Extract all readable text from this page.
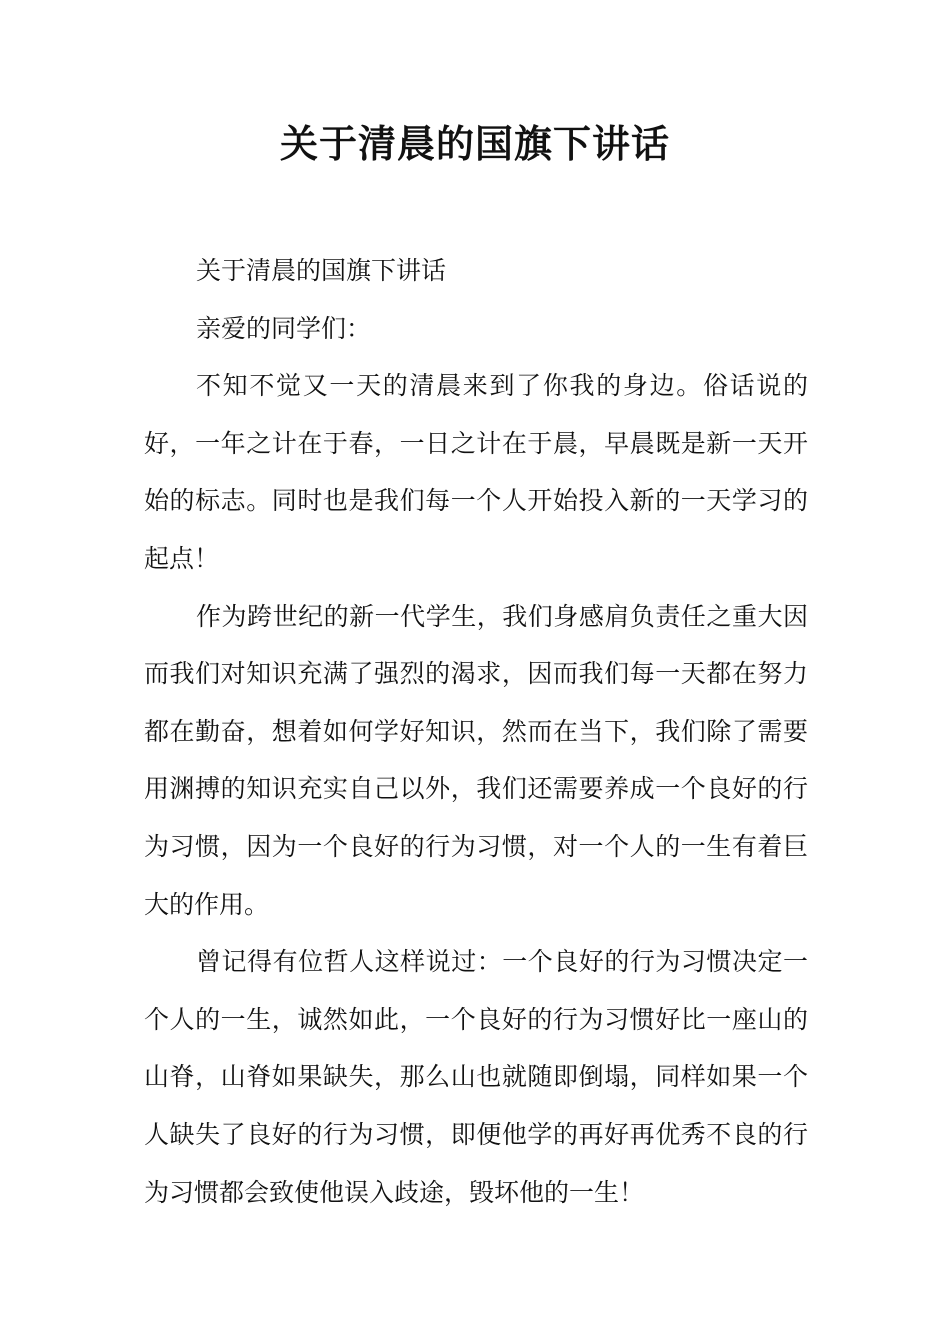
关于清晨的国旗下讲话

关于清晨的国旗下讲话

亲爱的同学们：

不知不觉又一天的清晨来到了你我的身边。俗话说的好，一年之计在于春，一日之计在于晨，早晨既是新一天开始的标志。同时也是我们每一个人开始投入新的一天学习的起点！

作为跨世纪的新一代学生，我们身感肩负责任之重大因而我们对知识充满了强烈的渴求，因而我们每一天都在努力都在勤奋，想着如何学好知识，然而在当下，我们除了需要用渊搏的知识充实自己以外，我们还需要养成一个良好的行为习惯，因为一个良好的行为习惯，对一个人的一生有着巨大的作用。

曾记得有位哲人这样说过：一个良好的行为习惯决定一个人的一生，诚然如此，一个良好的行为习惯好比一座山的山脊，山脊如果缺失，那么山也就随即倒塌，同样如果一个人缺失了良好的行为习惯，即便他学的再好再优秀不良的行为习惯都会致使他误入歧途，毁坏他的一生！
